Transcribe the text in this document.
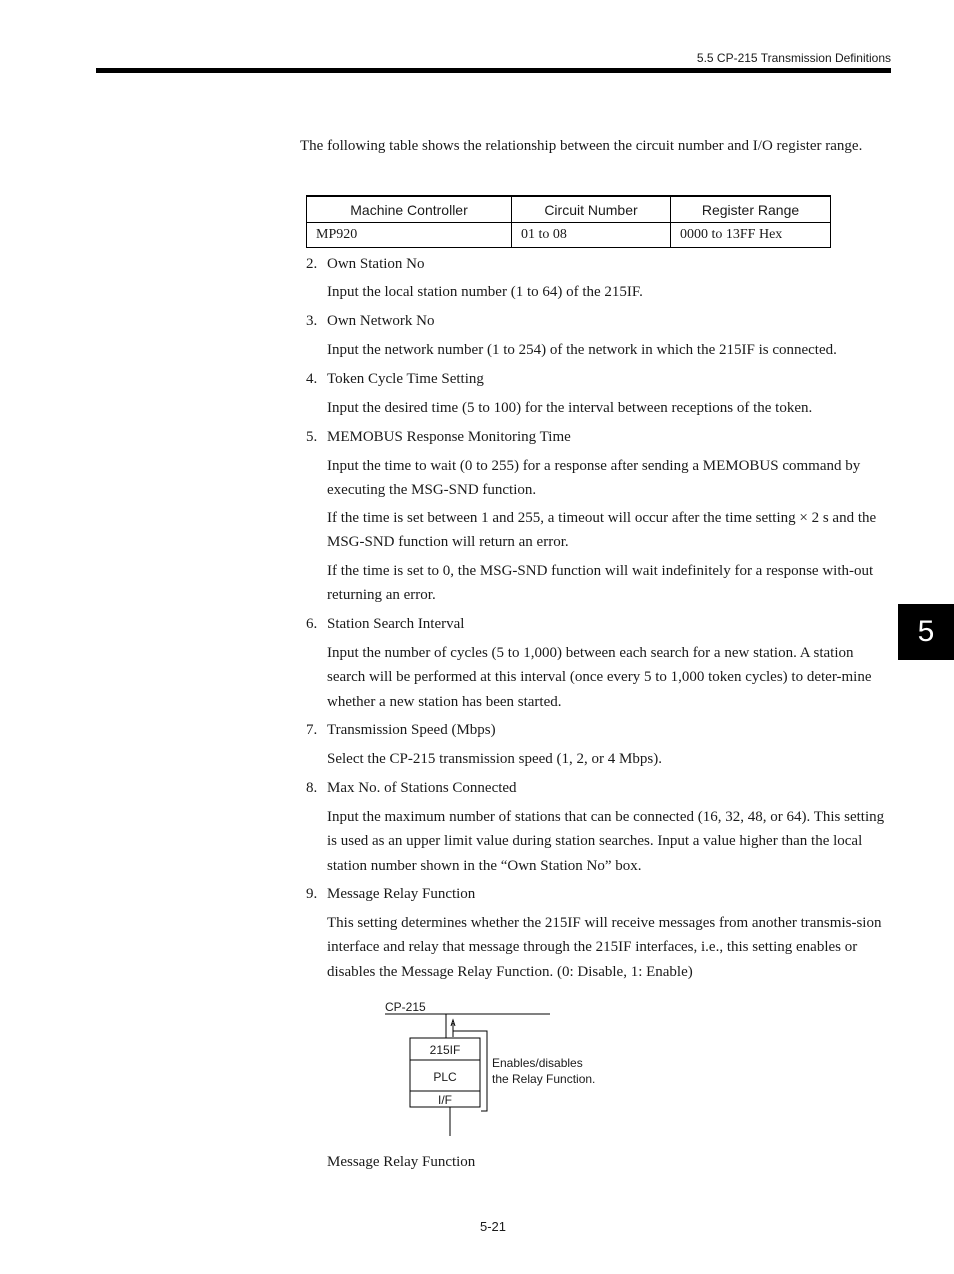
5.5 CP-215 Transmission Definitions
The following table shows the relationship between the circuit number and I/O register range.
Machine Controller	Circuit Number	Register Range
MP920	01 to 08	0000 to 13FF Hex
2. Own Station No
Input the local station number (1 to 64) of the 215IF.
3. Own Network No
Input the network number (1 to 254) of the network in which the 215IF is connected.
4. Token Cycle Time Setting
Input the desired time (5 to 100) for the interval between receptions of the token.
5. MEMOBUS Response Monitoring Time
Input the time to wait (0 to 255) for a response after sending a MEMOBUS command by executing the MSG-SND function.
If the time is set between 1 and 255, a timeout will occur after the time setting × 2 s and the MSG-SND function will return an error.
If the time is set to 0, the MSG-SND function will wait indefinitely for a response with-out returning an error.
6. Station Search Interval
Input the number of cycles (5 to 1,000) between each search for a new station. A station search will be performed at this interval (once every 5 to 1,000 token cycles) to deter-mine whether a new station has been started.
7. Transmission Speed (Mbps)
Select the CP-215 transmission speed (1, 2, or 4 Mbps).
8. Max No. of Stations Connected
Input the maximum number of stations that can be connected (16, 32, 48, or 64). This setting is used as an upper limit value during station searches. Input a value higher than the local station number shown in the “Own Station No” box.
9. Message Relay Function
This setting determines whether the 215IF will receive messages from another transmis-sion interface and relay that message through the 215IF interfaces, i.e., this setting enables or disables the Message Relay Function. (0: Disable, 1: Enable)
CP-215
215IF
PLC
I/F
Enables/disables
the Relay Function.
Message Relay Function
5
5-21
